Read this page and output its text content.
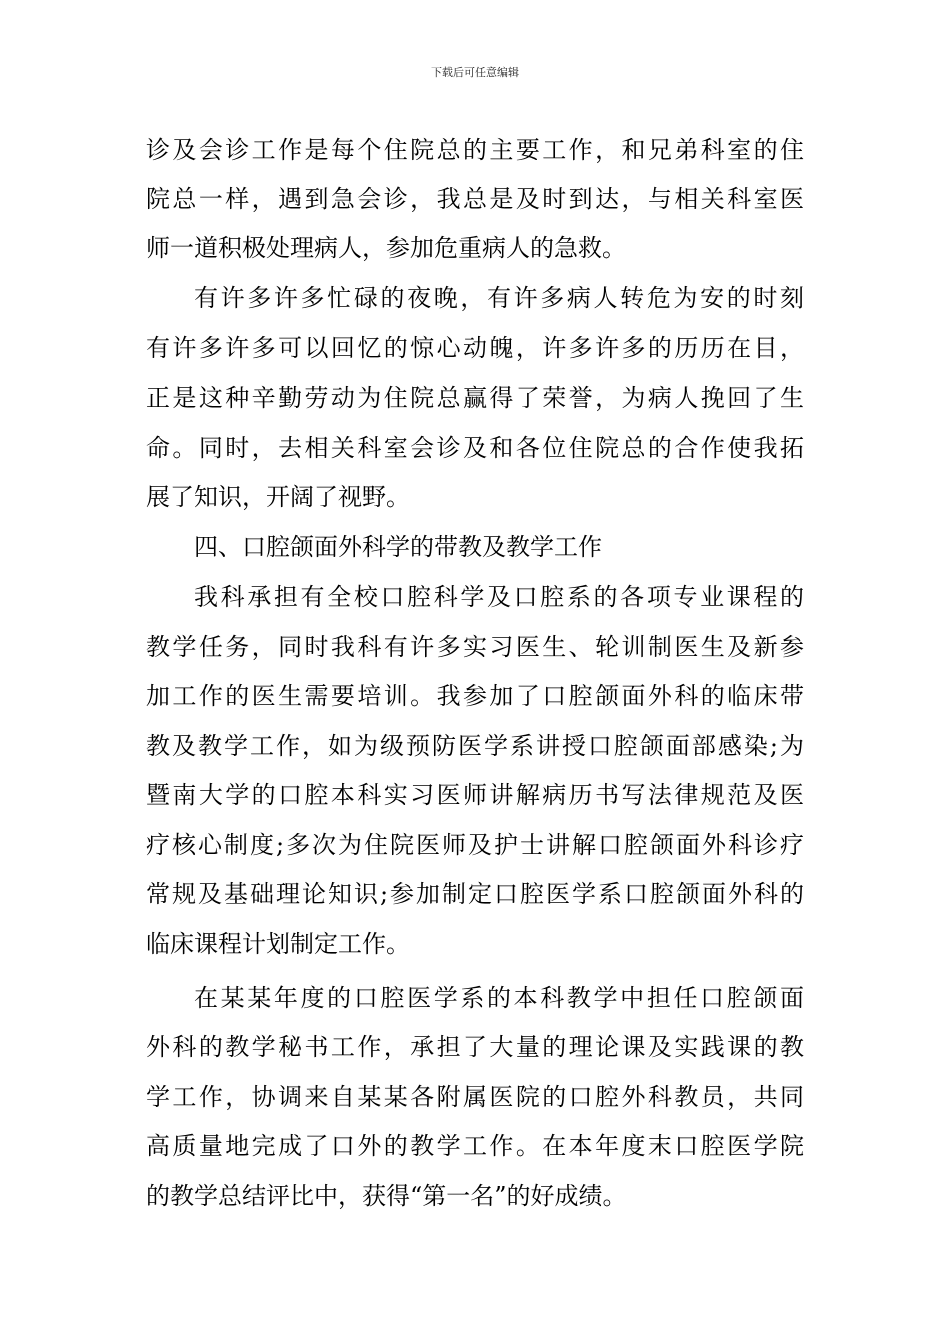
下载后可任意编辑
诊及会诊工作是每个住院总的主要工作，和兄弟科室的住
院总一样，遇到急会诊，我总是及时到达，与相关科室医
师一道积极处理病人，参加危重病人的急救。
有许多许多忙碌的夜晚，有许多病人转危为安的时刻
有许多许多可以回忆的惊心动魄，许多许多的历历在目，
正是这种辛勤劳动为住院总赢得了荣誉，为病人挽回了生
命。同时，去相关科室会诊及和各位住院总的合作使我拓
展了知识，开阔了视野。
四、口腔颌面外科学的带教及教学工作
我科承担有全校口腔科学及口腔系的各项专业课程的
教学任务，同时我科有许多实习医生、轮训制医生及新参
加工作的医生需要培训。我参加了口腔颌面外科的临床带
教及教学工作，如为级预防医学系讲授口腔颌面部感染;为
暨南大学的口腔本科实习医师讲解病历书写法律规范及医
疗核心制度;多次为住院医师及护士讲解口腔颌面外科诊疗
常规及基础理论知识;参加制定口腔医学系口腔颌面外科的
临床课程计划制定工作。
在某某年度的口腔医学系的本科教学中担任口腔颌面
外科的教学秘书工作，承担了大量的理论课及实践课的教
学工作，协调来自某某各附属医院的口腔外科教员，共同
高质量地完成了口外的教学工作。在本年度末口腔医学院
的教学总结评比中，获得“第一名”的好成绩。
